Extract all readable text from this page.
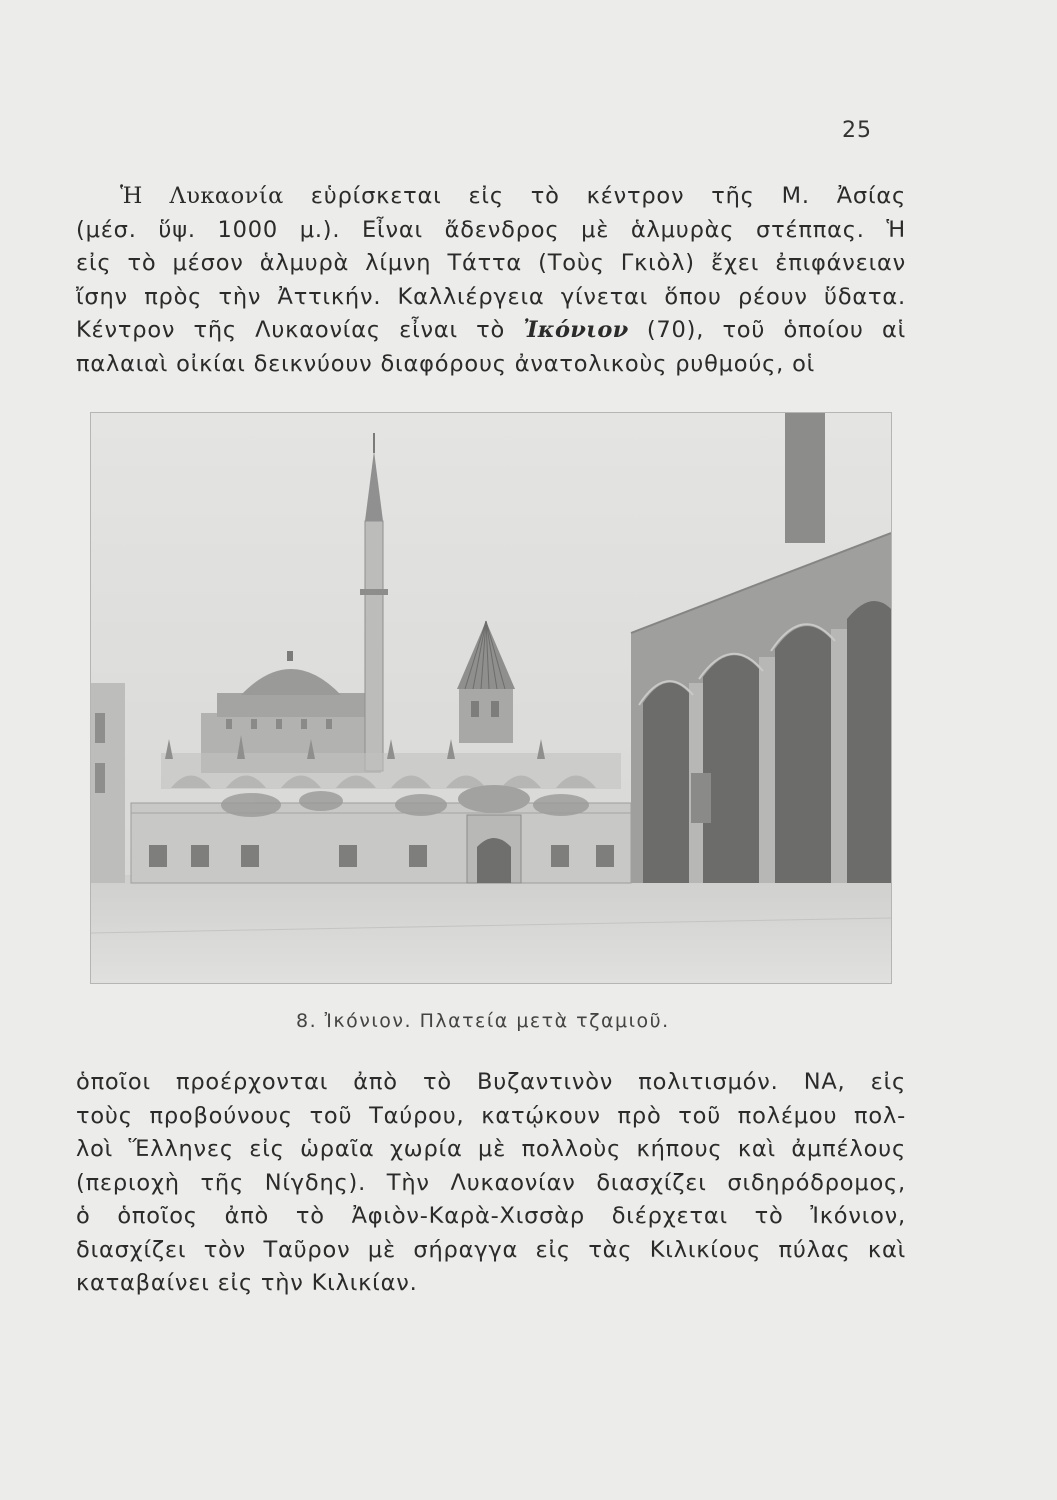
25
Ἡ Λυκαονία εὑρίσκεται εἰς τὸ κέντρον τῆς Μ. Ἀσίας
(μέσ. ὕψ. 1000 μ.). Εἶναι ἄδενδρος μὲ ἁλμυρὰς στέππας. Ἡ
εἰς τὸ μέσον ἁλμυρὰ λίμνη Τάττα (Τοὺς Γκιὸλ) ἔχει ἐπιφάνειαν
ἴσην πρὸς τὴν Ἀττικήν. Καλλιέργεια γίνεται ὅπου ρέουν ὕδατα.
Κέντρον τῆς Λυκαονίας εἶναι τὸ Ἰκόνιον (70), τοῦ ὁποίου αἱ
παλαιαὶ οἰκίαι δεικνύουν διαφόρους ἀνατολικοὺς ρυθμούς, οἱ
8. Ἰκόνιον. Πλατεία μετὰ τζαμιοῦ.
ὁποῖοι προέρχονται ἀπὸ τὸ Βυζαντινὸν πολιτισμόν. ΝΑ, εἰς
τοὺς προβούνους τοῦ Ταύρου, κατῴκουν πρὸ τοῦ πολέμου πολ-
λοὶ Ἕλληνες εἰς ὡραῖα χωρία μὲ πολλοὺς κήπους καὶ ἀμπέλους
(περιοχὴ τῆς Νίγδης). Τὴν Λυκαονίαν διασχίζει σιδηρόδρομος,
ὁ ὁποῖος ἀπὸ τὸ Ἀφιὸν-Καρὰ-Χισσὰρ διέρχεται τὸ Ἰκόνιον,
διασχίζει τὸν Ταῦρον μὲ σήραγγα εἰς τὰς Κιλικίους πύλας καὶ
καταβαίνει εἰς τὴν Κιλικίαν.
